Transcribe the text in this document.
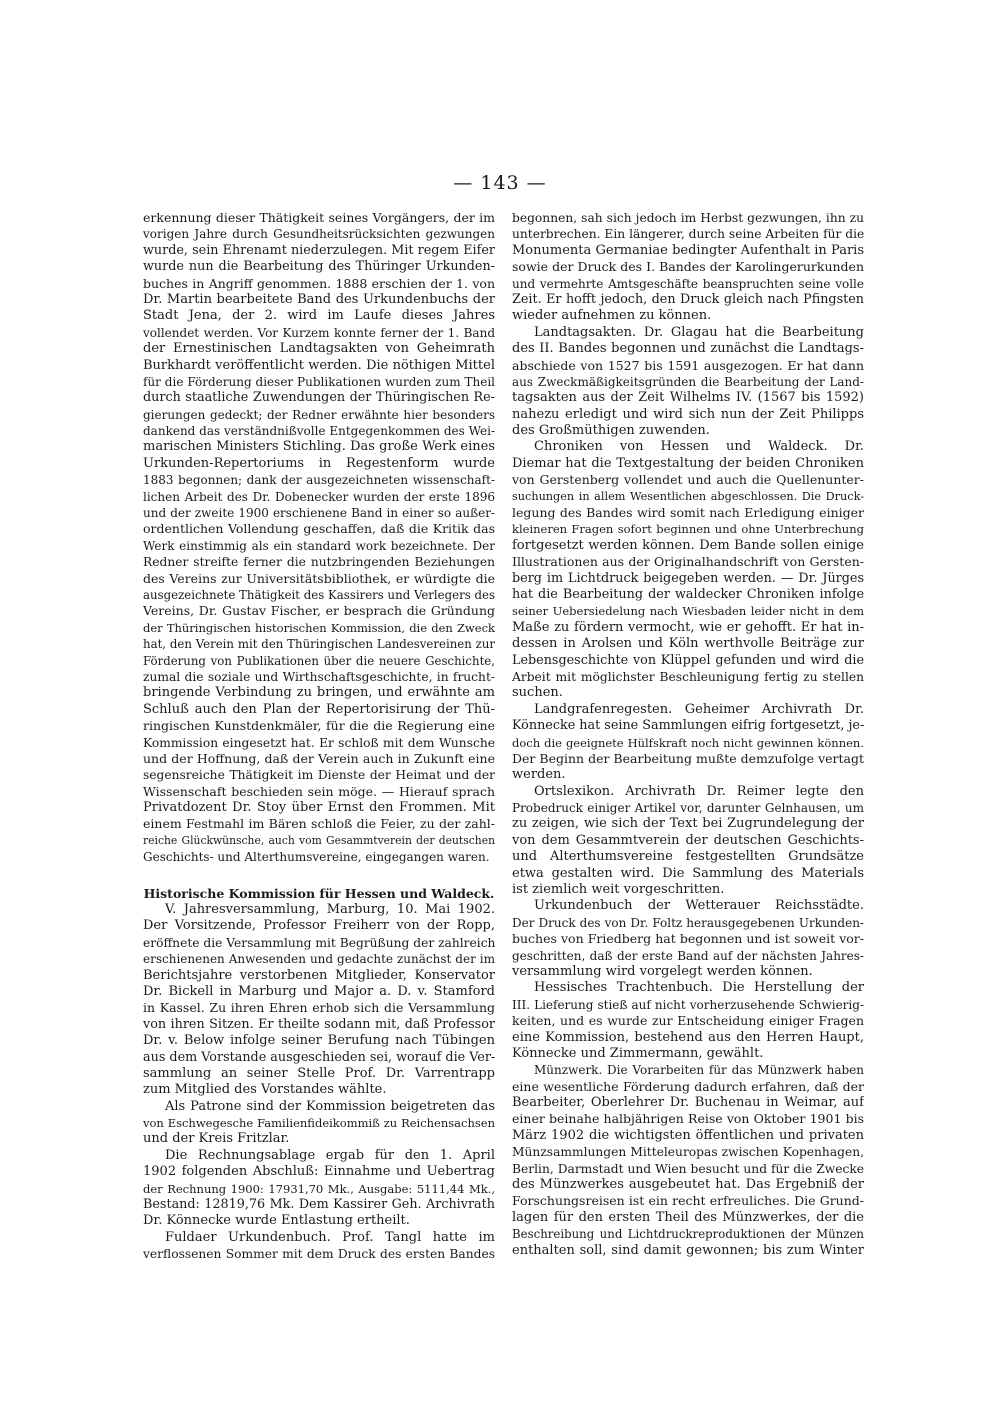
— 143 —
erkennung dieser Thätigkeit seines Vorgängers, der im
vorigen Jahre durch Gesundheitsrücksichten gezwungen
wurde, sein Ehrenamt niederzulegen. Mit regem Eifer
wurde nun die Bearbeitung des Thüringer Urkunden-
buches in Angriff genommen. 1888 erschien der 1. von
Dr. Martin bearbeitete Band des Urkundenbuchs der
Stadt Jena, der 2. wird im Laufe dieses Jahres
vollendet werden. Vor Kurzem konnte ferner der 1. Band
der Ernestinischen Landtagsakten von Geheimrath
Burkhardt veröffentlicht werden. Die nöthigen Mittel
für die Förderung dieser Publikationen wurden zum Theil
durch staatliche Zuwendungen der Thüringischen Re-
gierungen gedeckt; der Redner erwähnte hier besonders
dankend das verständnißvolle Entgegenkommen des Wei-
marischen Ministers Stichling. Das große Werk eines
Urkunden-Repertoriums in Regestenform wurde
1883 begonnen; dank der ausgezeichneten wissenschaft-
lichen Arbeit des Dr. Dobenecker wurden der erste 1896
und der zweite 1900 erschienene Band in einer so außer-
ordentlichen Vollendung geschaffen, daß die Kritik das
Werk einstimmig als ein standard work bezeichnete. Der
Redner streifte ferner die nutzbringenden Beziehungen
des Vereins zur Universitätsbibliothek, er würdigte die
ausgezeichnete Thätigkeit des Kassirers und Verlegers des
Vereins, Dr. Gustav Fischer, er besprach die Gründung
der Thüringischen historischen Kommission, die den Zweck
hat, den Verein mit den Thüringischen Landesvereinen zur
Förderung von Publikationen über die neuere Geschichte,
zumal die soziale und Wirthschaftsgeschichte, in frucht-
bringende Verbindung zu bringen, und erwähnte am
Schluß auch den Plan der Repertorisirung der Thü-
ringischen Kunstdenkmäler, für die die Regierung eine
Kommission eingesetzt hat. Er schloß mit dem Wunsche
und der Hoffnung, daß der Verein auch in Zukunft eine
segensreiche Thätigkeit im Dienste der Heimat und der
Wissenschaft beschieden sein möge. — Hierauf sprach
Privatdozent Dr. Stoy über Ernst den Frommen. Mit
einem Festmahl im Bären schloß die Feier, zu der zahl-
reiche Glückwünsche, auch vom Gesammtverein der deutschen
Geschichts- und Alterthumsvereine, eingegangen waren.
Historische Kommission für Hessen und Waldeck.
V. Jahresversammlung, Marburg, 10. Mai 1902.
Der Vorsitzende, Professor Freiherr von der Ropp,
eröffnete die Versammlung mit Begrüßung der zahlreich
erschienenen Anwesenden und gedachte zunächst der im
Berichtsjahre verstorbenen Mitglieder, Konservator
Dr. Bickell in Marburg und Major a. D. v. Stamford
in Kassel. Zu ihren Ehren erhob sich die Versammlung
von ihren Sitzen. Er theilte sodann mit, daß Professor
Dr. v. Below infolge seiner Berufung nach Tübingen
aus dem Vorstande ausgeschieden sei, worauf die Ver-
sammlung an seiner Stelle Prof. Dr. Varrentrapp
zum Mitglied des Vorstandes wählte.
Als Patrone sind der Kommission beigetreten das
von Eschwegesche Familienfideikommiß zu Reichensachsen
und der Kreis Fritzlar.
Die Rechnungsablage ergab für den 1. April
1902 folgenden Abschluß: Einnahme und Uebertrag
der Rechnung 1900: 17931,70 Mk., Ausgabe: 5111,44 Mk.,
Bestand: 12819,76 Mk. Dem Kassirer Geh. Archivrath
Dr. Könnecke wurde Entlastung ertheilt.
Fuldaer Urkundenbuch. Prof. Tangl hatte im
verflossenen Sommer mit dem Druck des ersten Bandes
begonnen, sah sich jedoch im Herbst gezwungen, ihn zu
unterbrechen. Ein längerer, durch seine Arbeiten für die
Monumenta Germaniae bedingter Aufenthalt in Paris
sowie der Druck des I. Bandes der Karolingerurkunden
und vermehrte Amtsgeschäfte beanspruchten seine volle
Zeit. Er hofft jedoch, den Druck gleich nach Pfingsten
wieder aufnehmen zu können.
Landtagsakten. Dr. Glagau hat die Bearbeitung
des II. Bandes begonnen und zunächst die Landtags-
abschiede von 1527 bis 1591 ausgezogen. Er hat dann
aus Zweckmäßigkeitsgründen die Bearbeitung der Land-
tagsakten aus der Zeit Wilhelms IV. (1567 bis 1592)
nahezu erledigt und wird sich nun der Zeit Philipps
des Großmüthigen zuwenden.
Chroniken von Hessen und Waldeck. Dr.
Diemar hat die Textgestaltung der beiden Chroniken
von Gerstenberg vollendet und auch die Quellenunter-
suchungen in allem Wesentlichen abgeschlossen. Die Druck-
legung des Bandes wird somit nach Erledigung einiger
kleineren Fragen sofort beginnen und ohne Unterbrechung
fortgesetzt werden können. Dem Bande sollen einige
Illustrationen aus der Originalhandschrift von Gersten-
berg im Lichtdruck beigegeben werden. — Dr. Jürges
hat die Bearbeitung der waldecker Chroniken infolge
seiner Uebersiedelung nach Wiesbaden leider nicht in dem
Maße zu fördern vermocht, wie er gehofft. Er hat in-
dessen in Arolsen und Köln werthvolle Beiträge zur
Lebensgeschichte von Klüppel gefunden und wird die
Arbeit mit möglichster Beschleunigung fertig zu stellen
suchen.
Landgrafenregesten. Geheimer Archivrath Dr.
Könnecke hat seine Sammlungen eifrig fortgesetzt, je-
doch die geeignete Hülfskraft noch nicht gewinnen können.
Der Beginn der Bearbeitung mußte demzufolge vertagt
werden.
Ortslexikon. Archivrath Dr. Reimer legte den
Probedruck einiger Artikel vor, darunter Gelnhausen, um
zu zeigen, wie sich der Text bei Zugrundelegung der
von dem Gesammtverein der deutschen Geschichts-
und Alterthumsvereine festgestellten Grundsätze
etwa gestalten wird. Die Sammlung des Materials
ist ziemlich weit vorgeschritten.
Urkundenbuch der Wetterauer Reichsstädte.
Der Druck des von Dr. Foltz herausgegebenen Urkunden-
buches von Friedberg hat begonnen und ist soweit vor-
geschritten, daß der erste Band auf der nächsten Jahres-
versammlung wird vorgelegt werden können.
Hessisches Trachtenbuch. Die Herstellung der
III. Lieferung stieß auf nicht vorherzusehende Schwierig-
keiten, und es wurde zur Entscheidung einiger Fragen
eine Kommission, bestehend aus den Herren Haupt,
Könnecke und Zimmermann, gewählt.
Münzwerk. Die Vorarbeiten für das Münzwerk haben
eine wesentliche Förderung dadurch erfahren, daß der
Bearbeiter, Oberlehrer Dr. Buchenau in Weimar, auf
einer beinahe halbjährigen Reise von Oktober 1901 bis
März 1902 die wichtigsten öffentlichen und privaten
Münzsammlungen Mitteleuropas zwischen Kopenhagen,
Berlin, Darmstadt und Wien besucht und für die Zwecke
des Münzwerkes ausgebeutet hat. Das Ergebniß der
Forschungsreisen ist ein recht erfreuliches. Die Grund-
lagen für den ersten Theil des Münzwerkes, der die
Beschreibung und Lichtdruckreproduktionen der Münzen
enthalten soll, sind damit gewonnen; bis zum Winter
